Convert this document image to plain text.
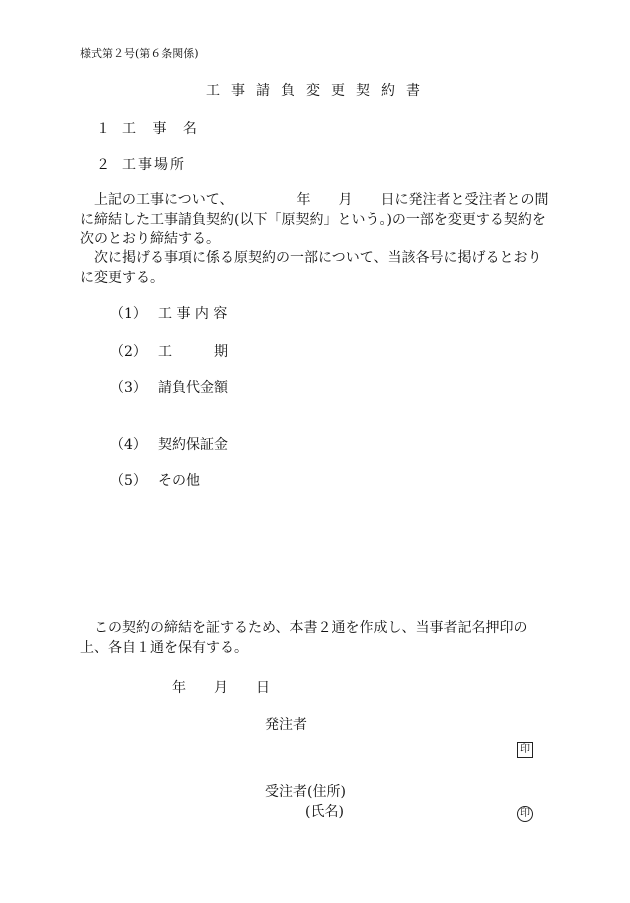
様式第２号(第６条関係)
工事請負変更契約書
１ 工 事 名
２ 工事場所
上記の工事について、　　　　　年　　月　　日に発注者と受注者との間に締結した工事請負契約(以下「原契約」という。)の一部を変更する契約を次のとおり締結する。
次に掲げる事項に係る原契約の一部について、当該各号に掲げるとおりに変更する。
（1） 工 事 内 容
（2） 工　　　期
（3） 請負代金額
（4） 契約保証金
（5） その他
この契約の締結を証するため、本書２通を作成し、当事者記名押印の上、各自１通を保有する。
年　　月　　日
発注者
印
受注者(住所)
(氏名)	印
